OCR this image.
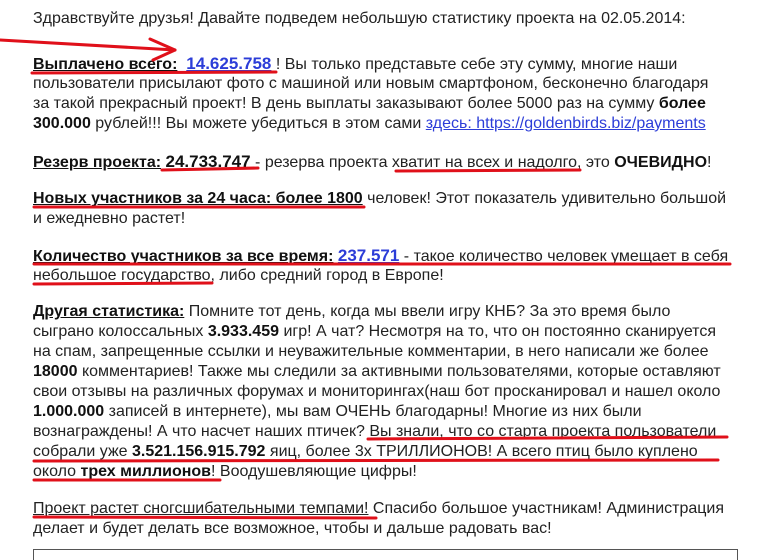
Здравствуйте друзья! Давайте подведем небольшую статистику проекта на 02.05.2014:
Выплачено всего: 14.625.758 ! Вы только представьте себе эту сумму, многие наши
пользователи присылают фото с машиной или новым смартфоном, бесконечно благодаря
за такой прекрасный проект! В день выплаты заказывают более 5000 раз на сумму более
300.000 рублей!!! Вы можете убедиться в этом сами здесь: https://goldenbirds.biz/payments
Резерв проекта: 24.733.747 - резерва проекта хватит на всех и надолго, это ОЧЕВИДНО!
Новых участников за 24 часа: более 1800 человек! Этот показатель удивительно большой
и ежедневно растет!
Количество участников за все время: 237.571 - такое количество человек умещает в себя
небольшое государство, либо средний город в Европе!
Другая статистика: Помните тот день, когда мы ввели игру КНБ? За это время было
сыграно колоссальных 3.933.459 игр! А чат? Несмотря на то, что он постоянно сканируется
на спам, запрещенные ссылки и неуважительные комментарии, в него написали же более
18000 комментариев! Также мы следили за активными пользователями, которые оставляют
свои отзывы на различных форумах и мониторингах(наш бот просканировал и нашел около
1.000.000 записей в интернете), мы вам ОЧЕНЬ благодарны! Многие из них были
вознаграждены! А что насчет наших птичек? Вы знали, что со старта проекта пользователи
собрали уже 3.521.156.915.792 яиц, более 3х ТРИЛЛИОНОВ! А всего птиц было куплено
около трех миллионов! Воодушевляющие цифры!
Проект растет сногсшибательными темпами! Спасибо большое участникам! Администрация
делает и будет делать все возможное, чтобы и дальше радовать вас!
